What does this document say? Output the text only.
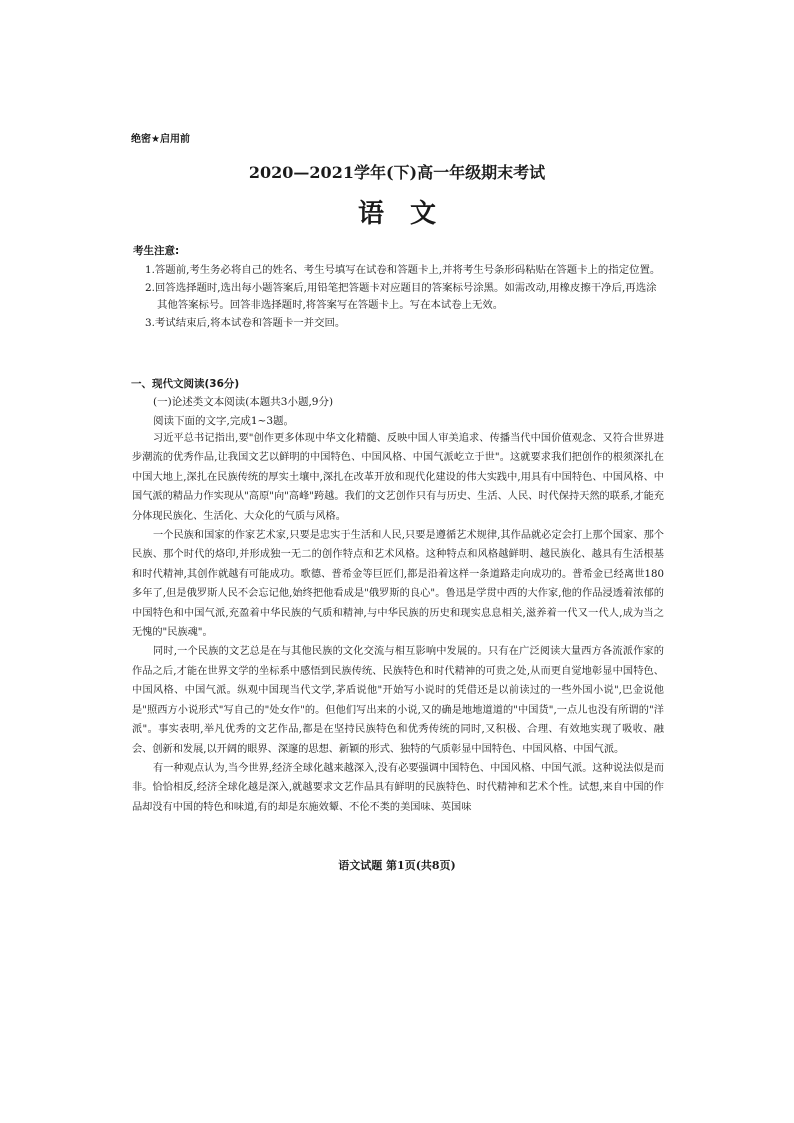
绝密★启用前
2020—2021学年(下)高一年级期末考试
语文
考生注意:
1.答题前,考生务必将自己的姓名、考生号填写在试卷和答题卡上,并将考生号条形码粘贴在答题卡上的指定位置。
2.回答选择题时,选出每小题答案后,用铅笔把答题卡对应题目的答案标号涂黑。如需改动,用橡皮擦干净后,再选涂其他答案标号。回答非选择题时,将答案写在答题卡上。写在本试卷上无效。
3.考试结束后,将本试卷和答题卡一并交回。
一、现代文阅读(36分)
(一)论述类文本阅读(本题共3小题,9分)
阅读下面的文字,完成1~3题。

习近平总书记指出,要"创作更多体现中华文化精髓、反映中国人审美追求、传播当代中国价值观念、又符合世界进步潮流的优秀作品,让我国文艺以鲜明的中国特色、中国风格、中国气派屹立于世"。这就要求我们把创作的根须深扎在中国大地上,深扎在民族传统的厚实土壤中,深扎在改革开放和现代化建设的伟大实践中,用具有中国特色、中国风格、中国气派的精品力作实现从"高原"向"高峰"跨越。我们的文艺创作只有与历史、生活、人民、时代保持天然的联系,才能充分体现民族化、生活化、大众化的气质与风格。

一个民族和国家的作家艺术家,只要是忠实于生活和人民,只要是遵循艺术规律,其作品就必定会打上那个国家、那个民族、那个时代的烙印,并形成独一无二的创作特点和艺术风格。这种特点和风格越鲜明、越民族化、越具有生活根基和时代精神,其创作就越有可能成功。歌德、普希金等巨匠们,都是沿着这样一条道路走向成功的。普希金已经离世180多年了,但是俄罗斯人民不会忘记他,始终把他看成是"俄罗斯的良心"。鲁迅是学贯中西的大作家,他的作品浸透着浓郁的中国特色和中国气派,充盈着中华民族的气质和精神,与中华民族的历史和现实息息相关,滋养着一代又一代人,成为当之无愧的"民族魂"。

同时,一个民族的文艺总是在与其他民族的文化交流与相互影响中发展的。只有在广泛阅读大量西方各流派作家的作品之后,才能在世界文学的坐标系中感悟到民族传统、民族特色和时代精神的可贵之处,从而更自觉地彰显中国特色、中国风格、中国气派。纵观中国现当代文学,茅盾说他"开始写小说时的凭借还是以前读过的一些外国小说",巴金说他是"照西方小说形式"写自己的"处女作"的。但他们写出来的小说,又的确是地地道道的"中国货",一点儿也没有所谓的"洋派"。事实表明,举凡优秀的文艺作品,都是在坚持民族特色和优秀传统的同时,又积极、合理、有效地实现了吸收、融会、创新和发展,以开阔的眼界、深邃的思想、新颖的形式、独特的气质彰显中国特色、中国风格、中国气派。

有一种观点认为,当今世界,经济全球化越来越深入,没有必要强调中国特色、中国风格、中国气派。这种说法似是而非。恰恰相反,经济全球化越是深入,就越要求文艺作品具有鲜明的民族特色、时代精神和艺术个性。试想,来自中国的作品却没有中国的特色和味道,有的却是东施效颦、不伦不类的美国味、英国味

语文试题 第1页(共8页)
